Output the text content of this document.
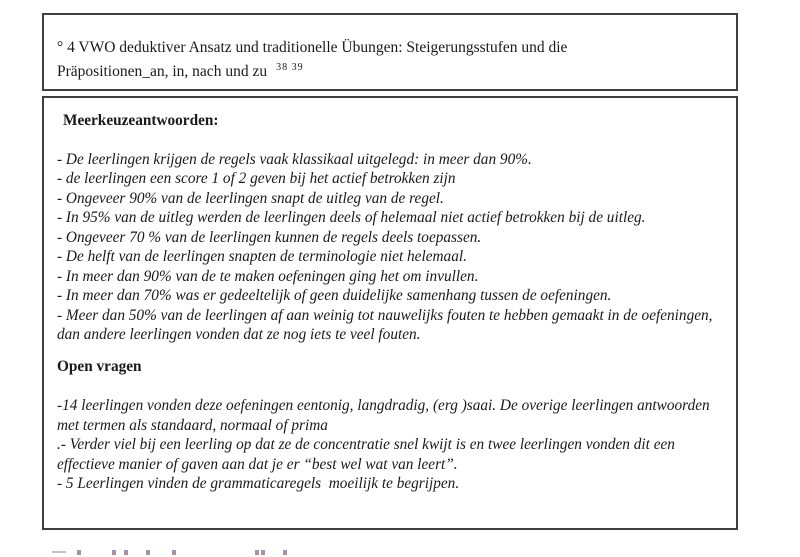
° 4 VWO deduktiver Ansatz und traditionelle Übungen: Steigerungsstufen und die
Präpositionen_an, in, nach und zu $^{38 39}$
Meerkeuzeantwoorden:
- De leerlingen krijgen de regels vaak klassikaal uitgelegd: in meer dan 90%.
- de leerlingen een score 1 of 2 geven bij het actief betrokken zijn
- Ongeveer 90% van de leerlingen snapt de uitleg van de regel.
- In 95% van de uitleg werden de leerlingen deels of helemaal niet actief betrokken bij de uitleg.
- Ongeveer 70 % van de leerlingen kunnen de regels deels toepassen.
- De helft van de leerlingen snapten de terminologie niet helemaal.
- In meer dan 90% van de te maken oefeningen ging het om invullen.
- In meer dan 70% was er gedeeltelijk of geen duidelijke samenhang tussen de oefeningen.
- Meer dan 50% van de leerlingen af aan weinig tot nauwelijks fouten te hebben gemaakt in de oefeningen, dan andere leerlingen vonden dat ze nog iets te veel fouten.
Open vragen
-14 leerlingen vonden deze oefeningen eentonig, langdradig, (erg )saai. De overige leerlingen antwoorden met termen als standaard, normaal of prima
.- Verder viel bij een leerling op dat ze de concentratie snel kwijt is en twee leerlingen vonden dit een effectieve manier of gaven aan dat je er “best wel wat van leert”.
- 5 Leerlingen vinden de grammaticaregels  moeilijk te begrijpen.
